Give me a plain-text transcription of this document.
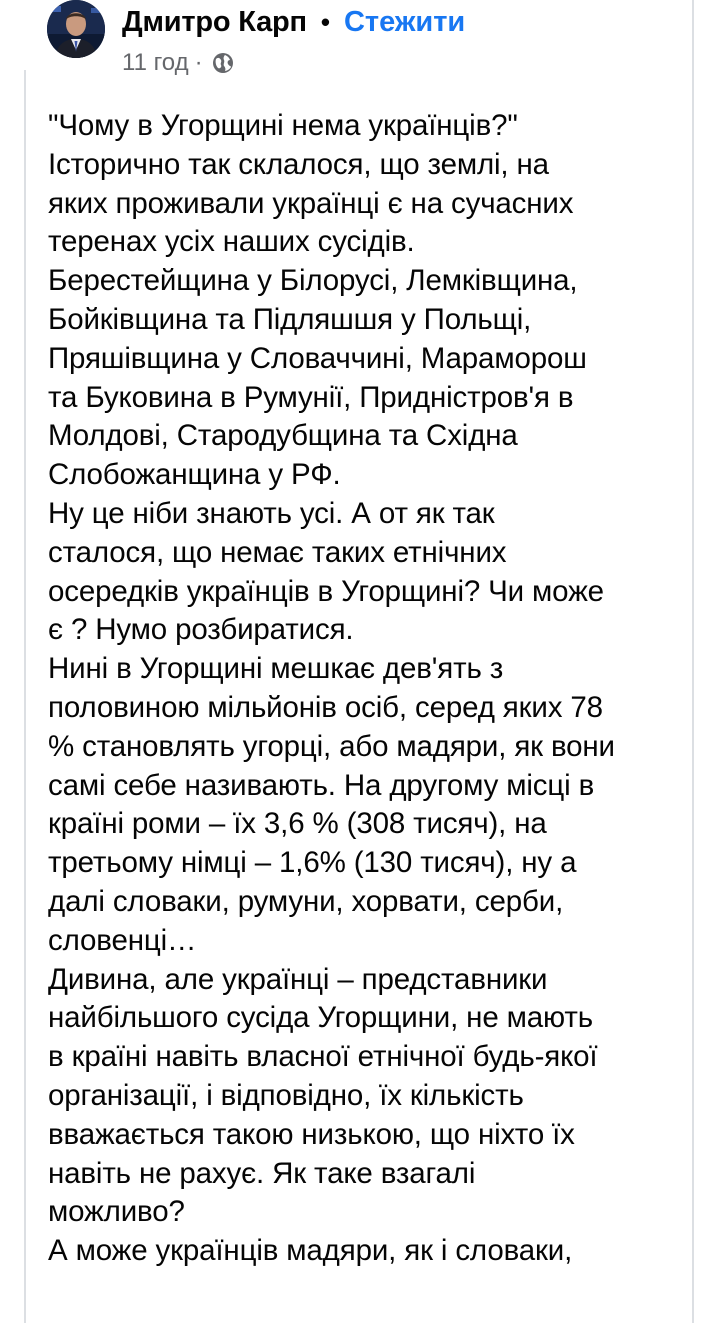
Дмитро Карп • Стежити
11 год ·
"Чому в Угорщині нема українців?"
Історично так склалося, що землі, на
яких проживали українці є на сучасних
теренах усіх наших сусідів.
Берестейщина у Білорусі, Лемківщина,
Бойківщина та Підляшшя у Польщі,
Пряшівщина у Словаччині, Мараморош
та Буковина в Румунії, Придністров'я в
Молдові, Стародубщина та Східна
Слобожанщина у РФ.
Ну це ніби знають усі. А от як так
сталося, що немає таких етнічних
осередків українців в Угорщині? Чи може
є ? Нумо розбиратися.
Нині в Угорщині мешкає дев'ять з
половиною мільйонів осіб, серед яких 78
% становлять угорці, або мадяри, як вони
самі себе називають. На другому місці в
країні роми – їх 3,6 % (308 тисяч), на
третьому німці – 1,6% (130 тисяч), ну а
далі словаки, румуни, хорвати, серби,
словенці…
Дивина, але українці – представники
найбільшого сусіда Угорщини, не мають
в країні навіть власної етнічної будь-якої
організації, і відповідно, їх кількість
вважається такою низькою, що ніхто їх
навіть не рахує. Як таке взагалі
можливо?
А може українців мадяри, як і словаки,
